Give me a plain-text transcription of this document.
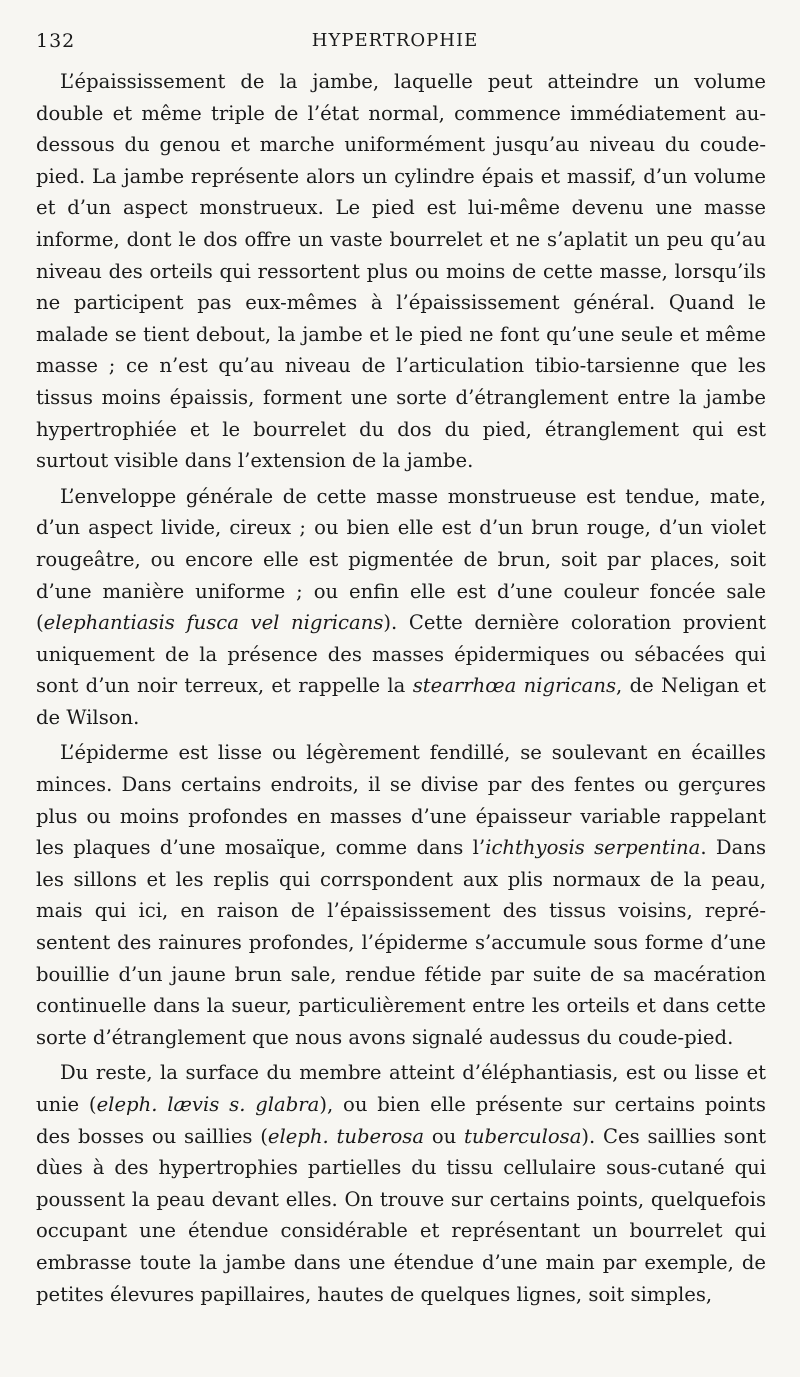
132	HYPERTROPHIE

L’épaississement de la jambe, laquelle peut atteindre un volume double et même triple de l’état normal, commence immédiatement au-dessous du genou et marche uniformément jusqu’au niveau du coude-pied. La jambe représente alors un cylindre épais et massif, d’un volume et d’un aspect monstrueux. Le pied est lui-même devenu une masse informe, dont le dos offre un vaste bourrelet et ne s’aplatit un peu qu’au niveau des orteils qui ressortent plus ou moins de cette masse, lorsqu’ils ne participent pas eux-mêmes à l’épaississement général. Quand le malade se tient debout, la jambe et le pied ne font qu’une seule et même masse ; ce n’est qu’au niveau de l’articulation tibio-tarsienne que les tissus moins épaissis, forment une sorte d’étranglement entre la jambe hypertrophiée et le bourrelet du dos du pied, étranglement qui est surtout visible dans l’extension de la jambe.

L’enveloppe générale de cette masse monstrueuse est tendue, mate, d’un aspect livide, cireux ; ou bien elle est d’un brun rouge, d’un violet rougeâtre, ou encore elle est pigmentée de brun, soit par places, soit d’une manière uniforme ; ou enfin elle est d’une couleur foncée sale (elephantiasis fusca vel nigricans). Cette dernière coloration provient uniquement de la présence des masses épidermiques ou sébacées qui sont d’un noir terreux, et rappelle la stearrhœa nigricans, de Neligan et de Wilson.

L’épiderme est lisse ou légèrement fendillé, se soulevant en écailles minces. Dans certains endroits, il se divise par des fentes ou gerçures plus ou moins profondes en masses d’une épaisseur variable rappelant les plaques d’une mosaïque, comme dans l’ichthyosis serpentina. Dans les sillons et les replis qui corrspondent aux plis normaux de la peau, mais qui ici, en raison de l’épaississement des tissus voisins, représentent des rainures profondes, l’épiderme s’accumule sous forme d’une bouillie d’un jaune brun sale, rendue fétide par suite de sa macération continuelle dans la sueur, particulièrement entre les orteils et dans cette sorte d’étranglement que nous avons signalé audessus du coude-pied.

Du reste, la surface du membre atteint d’éléphantiasis, est ou lisse et unie (eleph. lævis s. glabra), ou bien elle présente sur certains points des bosses ou saillies (eleph. tuberosa ou tuberculosa). Ces saillies sont dùes à des hypertrophies partielles du tissu cellulaire sous-cutané qui poussent la peau devant elles. On trouve sur certains points, quelquefois occupant une étendue considérable et représentant un bourrelet qui embrasse toute la jambe dans une étendue d’une main par exemple, de petites élevures papillaires, hautes de quelques lignes, soit simples,
